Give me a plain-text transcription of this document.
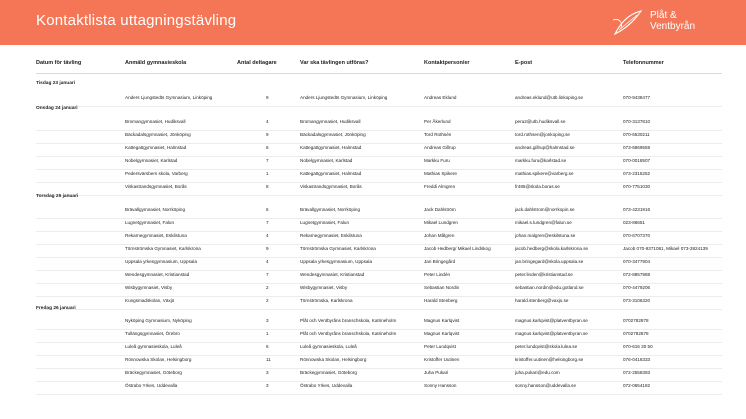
Kontaktlista uttagningstävling	Plåt &
Ventbyrån
Datum för tävling	Anmäld gymnasieskola	Antal deltagare	Var ska tävlingen utföras?	Kontaktperson/er	E-post	Telefonnummer
Tisdag 23 januari
Anders Ljungstedts Gymnasium, Linköping	9	Anders Ljungstedts Gymnasium, Linköping	Andreas Eklund	andreas.eklund@utb.linkoping.se	070-9438477
Onsdag 24 januari
Bromangymnasiet, Hudiksvall	4	Bromangymnasiet, Hudiksvall	Per Åkerlund	pera2@utb.hudiksvall.se	070-3137810
Bäckadalsgymnasiet, Jönköping	9	Bäckadalsgymnasiet, Jönköping	Tord Rothsén	tord.rothsen@jonkoping.se	070-6530211
Kattegattgymnasiet, Halmstad	6	Kattegattgymnasiet, Halmstad	Andreas Gillrup	andreas.gillrup@halmstad.se	073-6869559
Nobelgymnasiet, Karlstad	7	Nobelgymnasiet, Karlstad	Markku Furu	markku.furu@karlstad.se	070-0018507
Pedersvärsbers skola, Varberg	1	Kattegattgymnasiet, Halmstad	Mathias Spikere	mathias.spikere@varberg.se	073-2315252
Viskastrandsgymnasiet, Borås	8	Viskastrandsgymnasiet, Borås	Freddi Almgren	fr485@skola.boras.se	070-7751030
Torsdag 25 januari
Brävallgymnasiet, Norrköping	6	Brävallgymnasiet, Norrköping	Jack Dahlström	jack.dahlstrom@norrkopin.se	073-4231916
Lugnetgymnasiet, Falun	7	Lugnetgymnasiet, Falun	Mikael Lundgren	mikael.s.lundgren@falun.se	023-86651
Rekarnegymnasiet, Eskilstuna	4	Rekarnegymnasiet, Eskilstuna	Johan Målgren	johan.malgren@eskilstuna.se	070-6707370
Törnströmska Gymnasiet, Karlskrona	9	Törnströmska Gymnasiet, Karlskrona	Jacob Hedberg/ Mikael Lindskog	jacob.hedberg@skola.karlskrona.se	Jacob 070-9371081, Mikael 073-3824139
Uppsala yrkesgymnasium, Uppsala	4	Uppsala yrkesgymnasium, Uppsala	Jan Bringegård	jan.bringegard@skola.uppsala.se	070-3477904
Wendesgymnasiet, Kristianstad	7	Wendesgymnasiet, Kristianstad	Peter Lindén	peter.linden@kristianstad.se	072-8857988
Wisbygymnasiet, Visby	2	Wisbygymnasiet, Visby	Sebastian Nordin	sebastian.nordin@edu.gotland.se	070-4479206
Kungsmadskolan, Växjö	2	Törnströmska, Karlskrona	Harald Stenberg	harald.stenberg@vaxjo.se	073-3106320
Fredag 26 januari
Nyköping Gymnasium, Nyköping	3	Plåt och Ventbyråns branschskola, Katrineholm	Magnus Karlqvist	magnus.karlqvist@platventbyran.se	0702782878
Tullängsgymnasiet, Örebro	1	Plåt och Ventbyråns branschskola, Katrineholm	Magnus Karlqvist	magnus.karlqvist@platventbyran.se	0702782878
Luleå gymnasieskola, Luleå	6	Luleå gymnasieskola, Luleå	Peter Lundqvist	peter.lundqvist@skola.lulea.se	070-616 30 50
Rönnowska Skolan, Helsingborg	11	Rönnowska Skolan, Helsingborg	Kristoffer Uutinen	kristoffer.uutinen@helsingborg.se	076-0416333
Bräckegymnasiet, Göteborg	3	Bräckegymnasiet, Göteborg	Juha Pukari	juha.pukari@edu.com	072-2558393
Östrabo Yrkes, Uddevalla	3	Östrabo Yrkes, Uddevalla	Sonny Hansson	sonny.hansson@uddevalla.se	072-0654182
